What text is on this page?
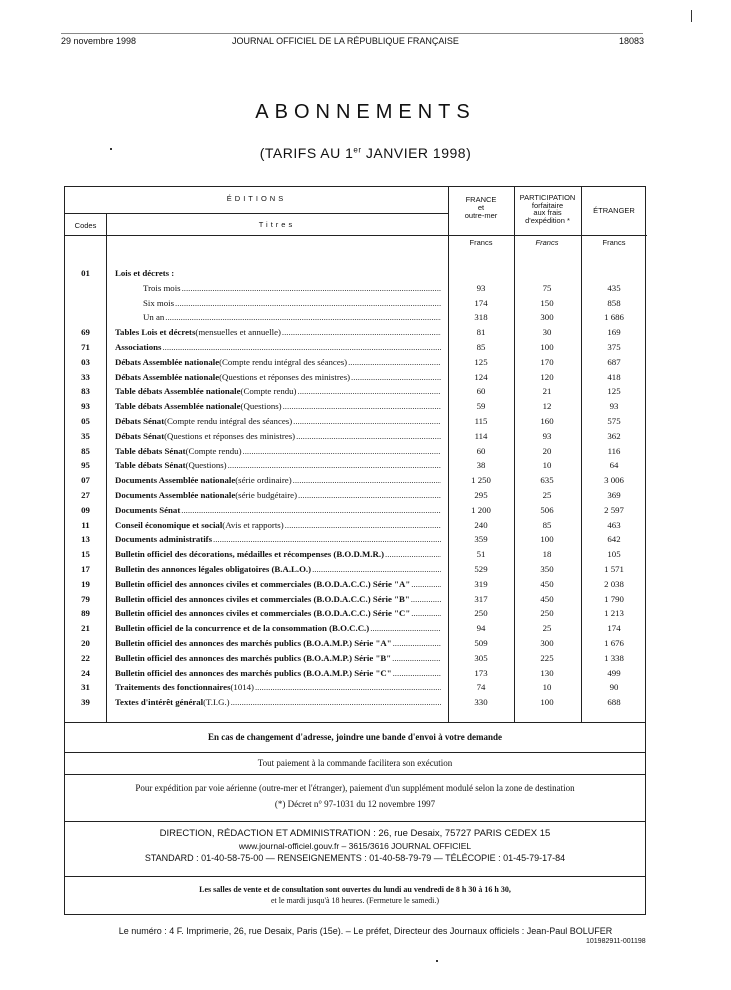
29 novembre 1998	JOURNAL OFFICIEL DE LA RÉPUBLIQUE FRANÇAISE	18083
ABONNEMENTS
(TARIFS AU 1er JANVIER 1998)
ÉDITIONS
Codes	Titres
FRANCE
et
outre-mer
PARTICIPATION
forfaitaire
aux frais
d'expédition *
ÉTRANGER
Francs	Francs	Francs
01	Lois et décrets :
Trois mois .....	93	75	435
Six mois .....	174	150	858
Un an .....	318	300	1 686
69	Tables Lois et décrets (mensuelles et annuelle) .....	81	30	169
71	Associations .....	85	100	375
03	Débats Assemblée nationale (Compte rendu intégral des séances) .....	125	170	687
33	Débats Assemblée nationale (Questions et réponses des ministres) .....	124	120	418
83	Table débats Assemblée nationale (Compte rendu) .....	60	21	125
93	Table débats Assemblée nationale (Questions) .....	59	12	93
05	Débats Sénat (Compte rendu intégral des séances) .....	115	160	575
35	Débats Sénat (Questions et réponses des ministres) .....	114	93	362
85	Table débats Sénat (Compte rendu) .....	60	20	116
95	Table débats Sénat (Questions) .....	38	10	64
07	Documents Assemblée nationale (série ordinaire) .....	1 250	635	3 006
27	Documents Assemblée nationale (série budgétaire) .....	295	25	369
09	Documents Sénat .....	1 200	506	2 597
11	Conseil économique et social (Avis et rapports) .....	240	85	463
13	Documents administratifs .....	359	100	642
15	Bulletin officiel des décorations, médailles et récompenses (B.O.D.M.R.) .....	51	18	105
17	Bulletin des annonces légales obligatoires (B.A.L.O.) .....	529	350	1 571
19	Bulletin officiel des annonces civiles et commerciales (B.O.D.A.C.C.) Série "A" .....	319	450	2 038
79	Bulletin officiel des annonces civiles et commerciales (B.O.D.A.C.C.) Série "B" .....	317	450	1 790
89	Bulletin officiel des annonces civiles et commerciales (B.O.D.A.C.C.) Série "C" .....	250	250	1 213
21	Bulletin officiel de la concurrence et de la consommation (B.O.C.C.) .....	94	25	174
20	Bulletin officiel des annonces des marchés publics (B.O.A.M.P.) Série "A" .....	509	300	1 676
22	Bulletin officiel des annonces des marchés publics (B.O.A.M.P.) Série "B" .....	305	225	1 338
24	Bulletin officiel des annonces des marchés publics (B.O.A.M.P.) Série "C" .....	173	130	499
31	Traitements des fonctionnaires (1014) .....	74	10	90
39	Textes d'intérêt général (T.I.G.) .....	330	100	688
En cas de changement d'adresse, joindre une bande d'envoi à votre demande
Tout paiement à la commande facilitera son exécution
Pour expédition par voie aérienne (outre-mer et l'étranger), paiement d'un supplément modulé selon la zone de destination
(*) Décret n° 97-1031 du 12 novembre 1997
DIRECTION, RÉDACTION ET ADMINISTRATION : 26, rue Desaix, 75727 PARIS CEDEX 15
www.journal-officiel.gouv.fr – 3615/3616 JOURNAL OFFICIEL
STANDARD : 01-40-58-75-00 — RENSEIGNEMENTS : 01-40-58-79-79 — TÉLÉCOPIE : 01-45-79-17-84
Les salles de vente et de consultation sont ouvertes du lundi au vendredi de 8 h 30 à 16 h 30,
et le mardi jusqu'à 18 heures. (Fermeture le samedi.)
Le numéro : 4 F. Imprimerie, 26, rue Desaix, Paris (15e). – Le préfet, Directeur des Journaux officiels : Jean-Paul BOLUFER
101982911-001198
